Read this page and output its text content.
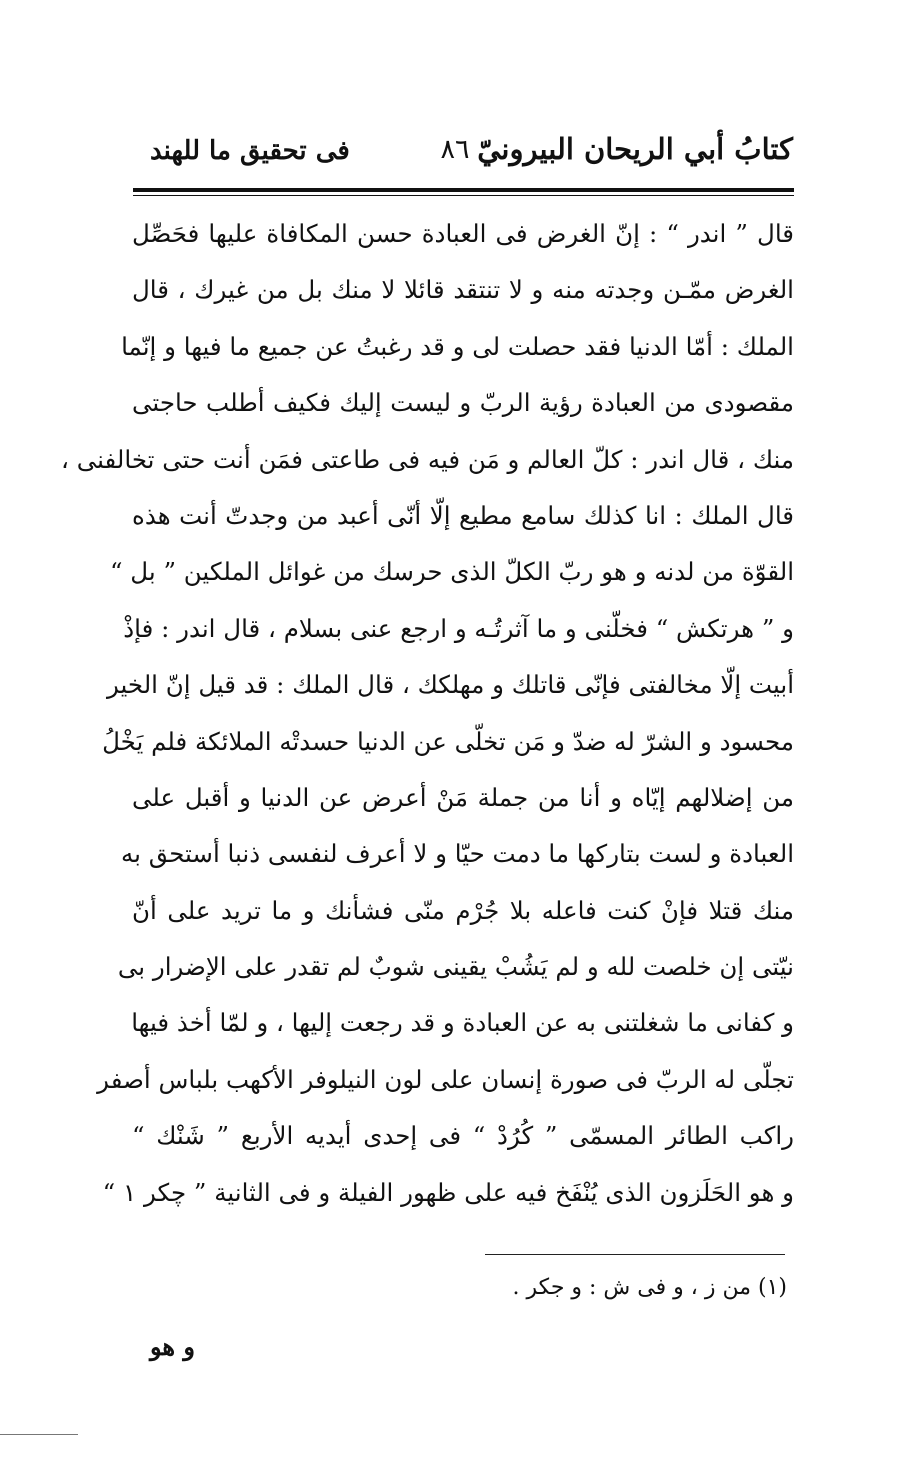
كتابُ أبي الريحان البيرونيّ
٨٦
فى تحقيق ما للهند
قال ” اندر “ : إنّ الغرض فى العبادة حسن المكافاة عليها فحَصِّل
الغرض ممّـن وجدته منه و لا تنتقد قائلا لا منك بل من غيرك ، قال
الملك : أمّا الدنيا فقد حصلت لى و قد رغبتُ عن جميع ما فيها و إنّما
مقصودى من العبادة رؤية الربّ و ليست إليك فكيف أطلب حاجتى
منك ، قال اندر : كلّ العالم و مَن فيه فى طاعتى فمَن أنت حتى تخالفنى ،
قال الملك : انا كذلك سامع مطيع إلّا أنّى أعبد من وجدتّ أنت هذه
القوّة من لدنه و هو ربّ الكلّ الذى حرسك من غوائل الملكين ” بل “
و ” هرتكش “ فخلّنى و ما آثرتُـه و ارجع عنى بسلام ، قال اندر : فإذْ
أبيت إلّا مخالفتى فإنّى قاتلك و مهلكك ، قال الملك : قد قيل إنّ الخير
محسود و الشرّ له ضدّ و مَن تخلّى عن الدنيا حسدتْه الملائكة فلم يَخْلُ
من إضلالهم إيّاه و أنا من جملة مَنْ أعرض عن الدنيا و أقبل على
العبادة و لست بتاركها ما دمت حيّا و لا أعرف لنفسى ذنبا أستحق به
منك قتلا فإنْ كنت فاعله بلا جُرْم منّى فشأنك و ما تريد على أنّ
نيّتى إن خلصت لله و لم يَشُبْ يقينى شوبٌ لم تقدر على الإضرار بى
و كفانى ما شغلتنى به عن العبادة و قد رجعت إليها ، و لمّا أخذ فيها
تجلّى له الربّ فى صورة إنسان على لون النيلوفر الأكهب بلباس أصفر
راكب الطائر المسمّى ” كُرُدْ “ فى إحدى أيديه الأربع ” شَنْك “
و هو الحَلَزون الذى يُنْفَخ فيه على ظهور الفيلة و فى الثانية ” چكر ١ “
(١) من ز ، و فى ش : و جكر .
و هو
